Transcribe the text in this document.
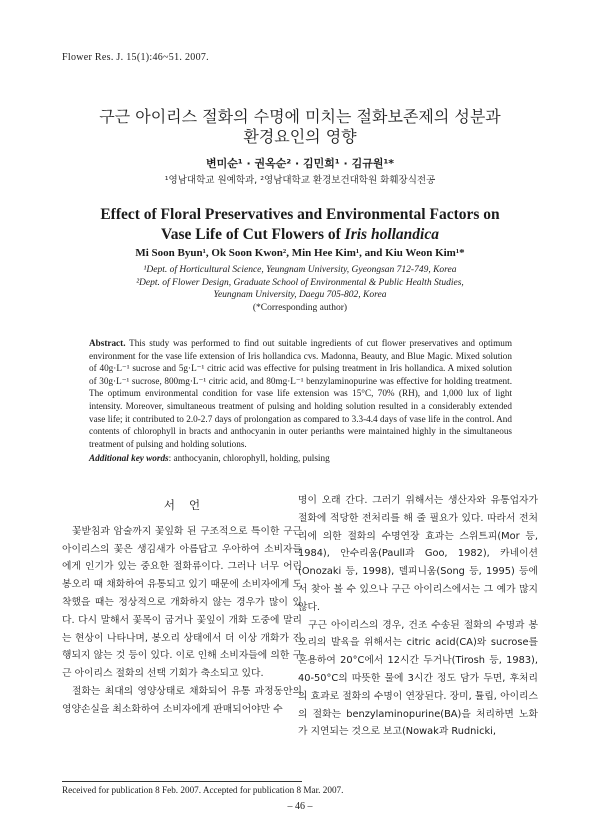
Flower Res. J. 15(1):46~51. 2007.
구근 아이리스 절화의 수명에 미치는 절화보존제의 성분과
환경요인의 영향
변미순¹ · 권옥순² · 김민희¹ · 김규원¹*
¹영남대학교 원예학과, ²영남대학교 환경보건대학원 화훼장식전공
Effect of Floral Preservatives and Environmental Factors on
Vase Life of Cut Flowers of Iris hollandica
Mi Soon Byun¹, Ok Soon Kwon², Min Hee Kim¹, and Kiu Weon Kim¹*
¹Dept. of Horticultural Science, Yeungnam University, Gyeongsan 712-749, Korea
²Dept. of Flower Design, Graduate School of Environmental & Public Health Studies,
Yeungnam University, Daegu 705-802, Korea
(*Corresponding author)
Abstract. This study was performed to find out suitable ingredients of cut flower preservatives and optimum environment for the vase life extension of Iris hollandica cvs. Madonna, Beauty, and Blue Magic. Mixed solution of 40g·L⁻¹ sucrose and 5g·L⁻¹ citric acid was effective for pulsing treatment in Iris hollandica. A mixed solution of 30g·L⁻¹ sucrose, 800mg·L⁻¹ citric acid, and 80mg·L⁻¹ benzylaminopurine was effective for holding treatment. The optimum environmental condition for vase life extension was 15°C, 70% (RH), and 1,000 lux of light intensity. Moreover, simultaneous treatment of pulsing and holding solution resulted in a considerably extended vase life; it contributed to 2.0-2.7 days of prolongation as compared to 3.3-4.4 days of vase life in the control. And contents of chlorophyll in bracts and anthocyanin in outer perianths were maintained highly in the simultaneous treatment of pulsing and holding solutions.
Additional key words: anthocyanin, chlorophyll, holding, pulsing
서언

꽃받침과 암술까지 꽃잎화 된 구조적으로 특이한 구근 아이리스의 꽃은 생김새가 아름답고 우아하여 소비자들에게 인기가 있는 중요한 절화류이다. 그러나 너무 어린 봉오리 때 채화하여 유통되고 있기 때문에 소비자에게 도착했을 때는 정상적으로 개화하지 않는 경우가 많이 있다. 다시 말해서 꽃목이 굽거나 꽃잎이 개화 도중에 말리는 현상이 나타나며, 봉오리 상태에서 더 이상 개화가 진행되지 않는 것 등이 있다. 이로 인해 소비자들에 의한 구근 아이리스 절화의 선택 기회가 축소되고 있다.

절화는 최대의 영양상태로 채화되어 유통 과정동안의 영양손실을 최소화하여 소비자에게 판매되어야만 수

명이 오래 간다. 그러기 위해서는 생산자와 유통업자가 절화에 적당한 전처리를 해 줄 필요가 있다. 따라서 전처리에 의한 절화의 수명연장 효과는 스위트피(Mor 등, 1984), 안수리움(Paull과 Goo, 1982), 카네이션(Onozaki 등, 1998), 델피니움(Song 등, 1995) 등에서 찾아 볼 수 있으나 구근 아이리스에서는 그 예가 많지 않다.

구근 아이리스의 경우, 건조 수송된 절화의 수명과 봉오리의 발육을 위해서는 citric acid(CA)와 sucrose를 혼용하여 20°C에서 12시간 두거나(Tirosh 등, 1983), 40-50°C의 따뜻한 물에 3시간 정도 담가 두면, 후처리의 효과로 절화의 수명이 연장된다. 장미, 튤립, 아이리스의 절화는 benzylaminopurine(BA)을 처리하면 노화가 지연되는 것으로 보고(Nowak과 Rudnicki,

Received for publication 8 Feb. 2007. Accepted for publication 8 Mar. 2007.
– 46 –
